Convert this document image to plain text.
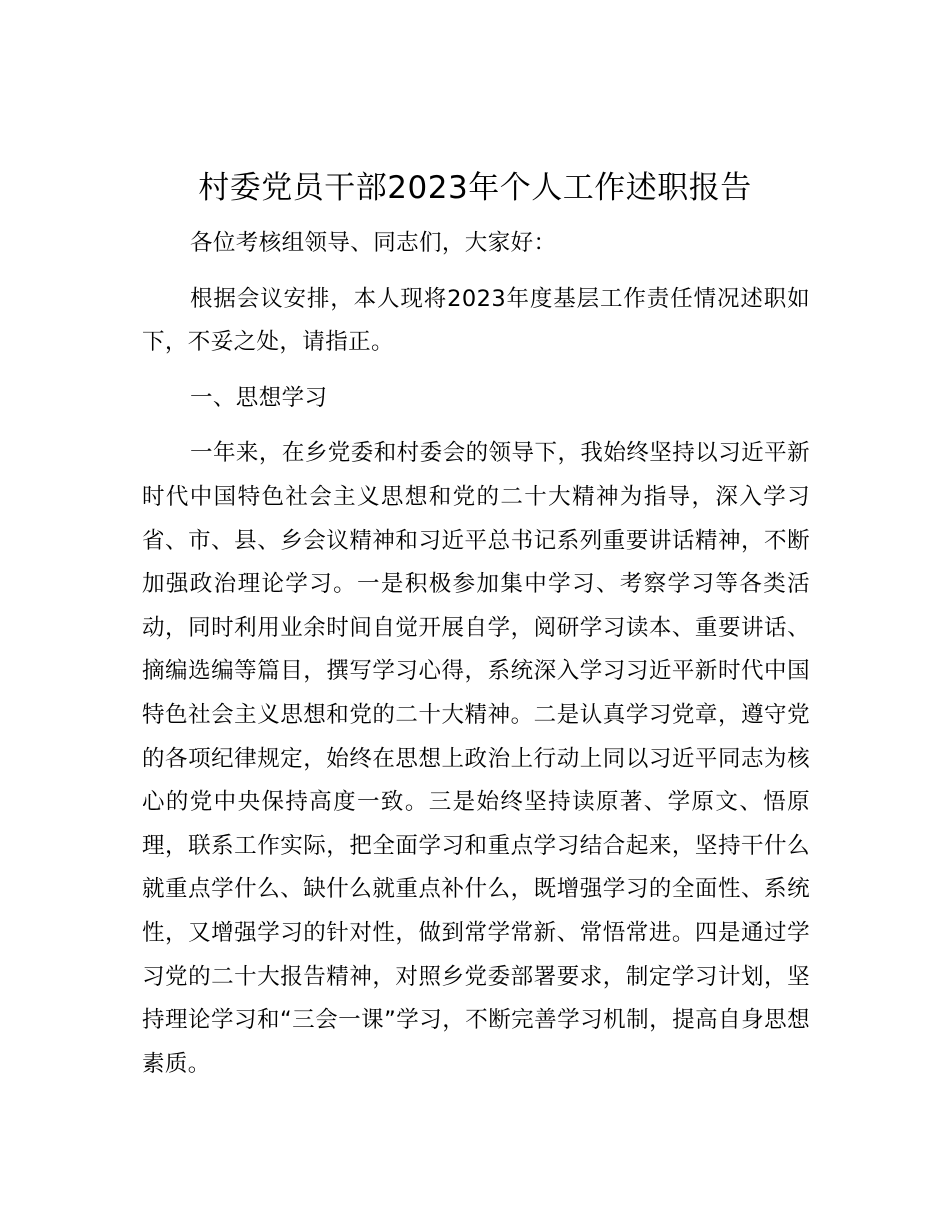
村委党员干部2023年个人工作述职报告

各位考核组领导、同志们，大家好：

根据会议安排，本人现将2023年度基层工作责任情况述职如下，不妥之处，请指正。

一、思想学习

一年来，在乡党委和村委会的领导下，我始终坚持以习近平新时代中国特色社会主义思想和党的二十大精神为指导，深入学习省、市、县、乡会议精神和习近平总书记系列重要讲话精神，不断加强政治理论学习。一是积极参加集中学习、考察学习等各类活动，同时利用业余时间自觉开展自学，阅研学习读本、重要讲话、摘编选编等篇目，撰写学习心得，系统深入学习习近平新时代中国特色社会主义思想和党的二十大精神。二是认真学习党章，遵守党的各项纪律规定，始终在思想上政治上行动上同以习近平同志为核心的党中央保持高度一致。三是始终坚持读原著、学原文、悟原理，联系工作实际，把全面学习和重点学习结合起来，坚持干什么就重点学什么、缺什么就重点补什么，既增强学习的全面性、系统性，又增强学习的针对性，做到常学常新、常悟常进。四是通过学习党的二十大报告精神，对照乡党委部署要求，制定学习计划，坚持理论学习和“三会一课”学习，不断完善学习机制，提高自身思想素质。
